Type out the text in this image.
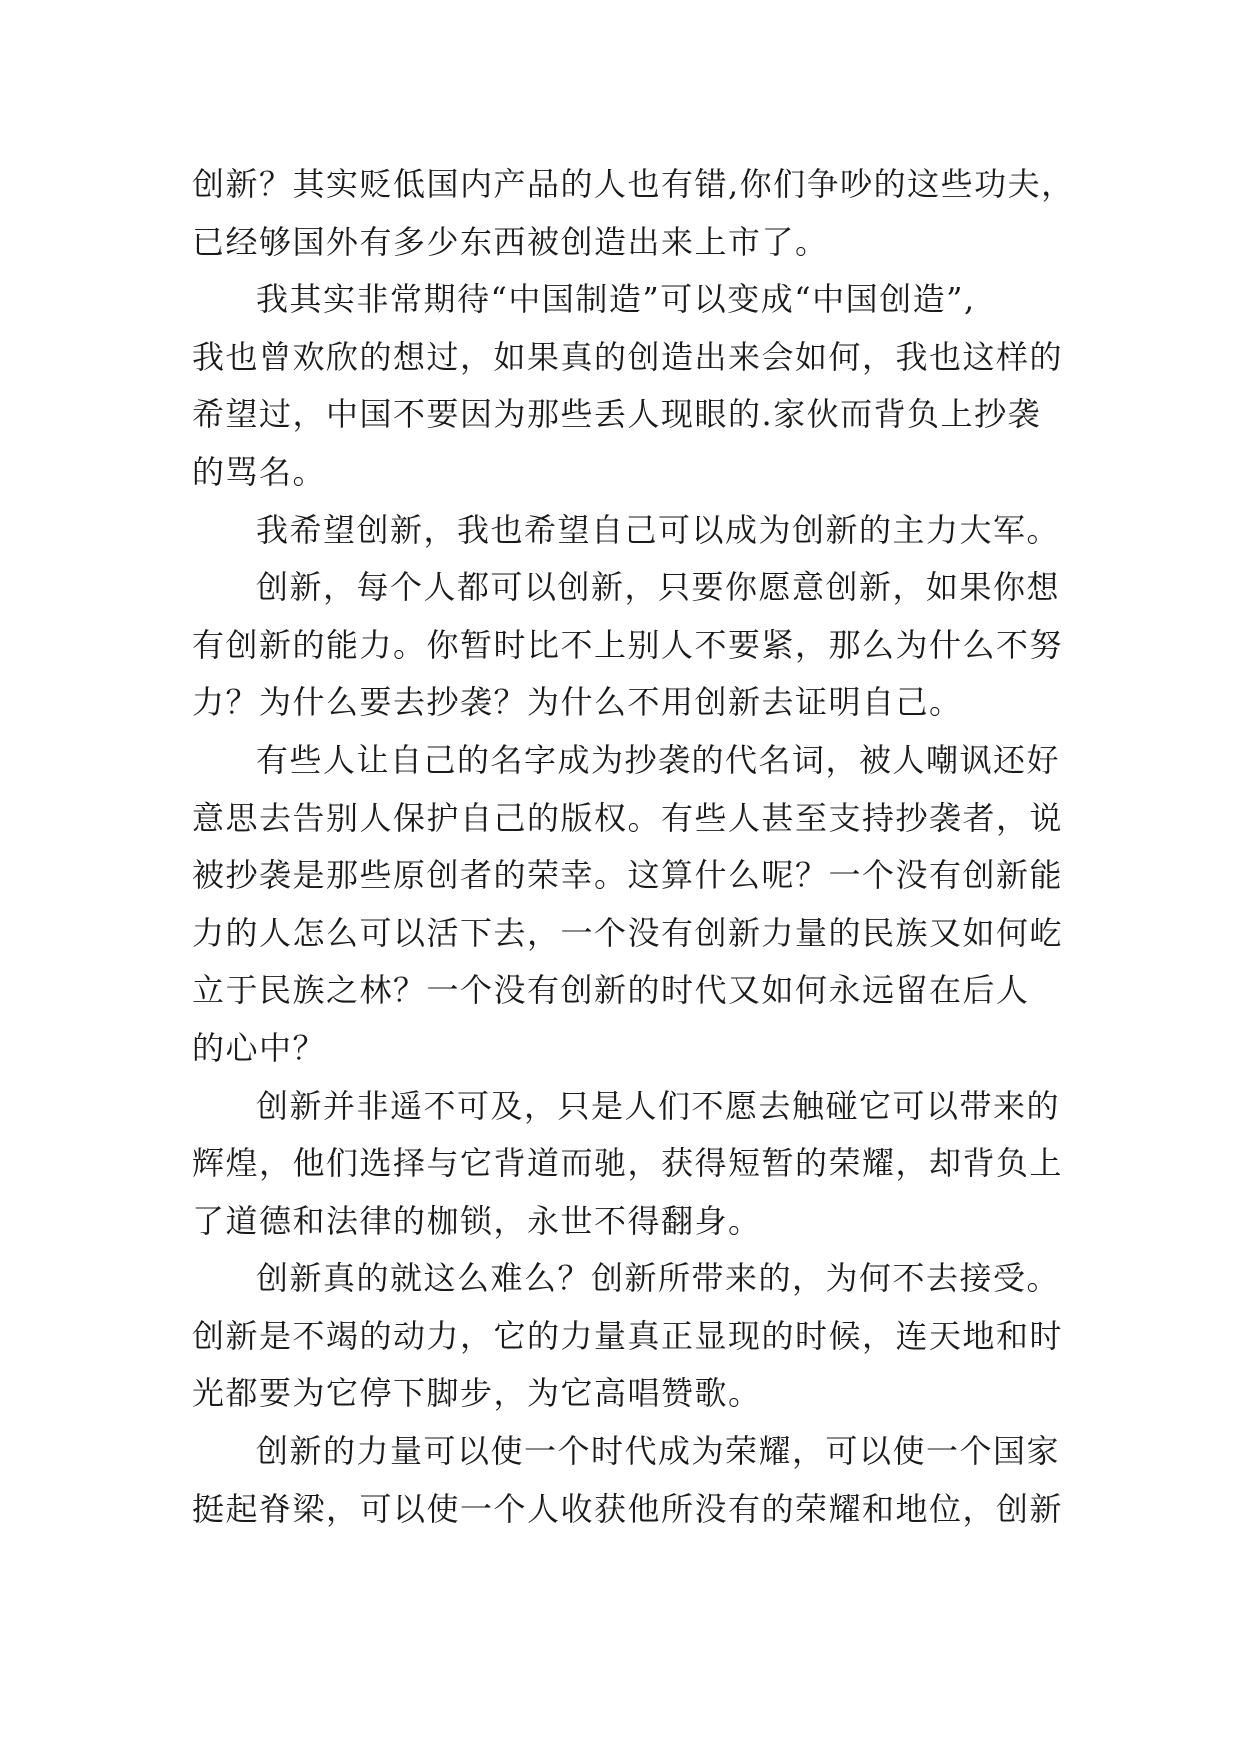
创新？其实贬低国内产品的人也有错,你们争吵的这些功夫，
已经够国外有多少东西被创造出来上市了。
我其实非常期待“中国制造”可以变成“中国创造”,
我也曾欢欣的想过，如果真的创造出来会如何，我也这样的
希望过，中国不要因为那些丢人现眼的.家伙而背负上抄袭
的骂名。
我希望创新，我也希望自己可以成为创新的主力大军。
创新，每个人都可以创新，只要你愿意创新，如果你想
有创新的能力。你暂时比不上别人不要紧，那么为什么不努
力？为什么要去抄袭？为什么不用创新去证明自己。
有些人让自己的名字成为抄袭的代名词，被人嘲讽还好
意思去告别人保护自己的版权。有些人甚至支持抄袭者，说
被抄袭是那些原创者的荣幸。这算什么呢？一个没有创新能
力的人怎么可以活下去，一个没有创新力量的民族又如何屹
立于民族之林？一个没有创新的时代又如何永远留在后人
的心中？
创新并非遥不可及，只是人们不愿去触碰它可以带来的
辉煌，他们选择与它背道而驰，获得短暂的荣耀，却背负上
了道德和法律的枷锁，永世不得翻身。
创新真的就这么难么？创新所带来的，为何不去接受。
创新是不竭的动力，它的力量真正显现的时候，连天地和时
光都要为它停下脚步，为它高唱赞歌。
创新的力量可以使一个时代成为荣耀，可以使一个国家
挺起脊梁，可以使一个人收获他所没有的荣耀和地位，创新
